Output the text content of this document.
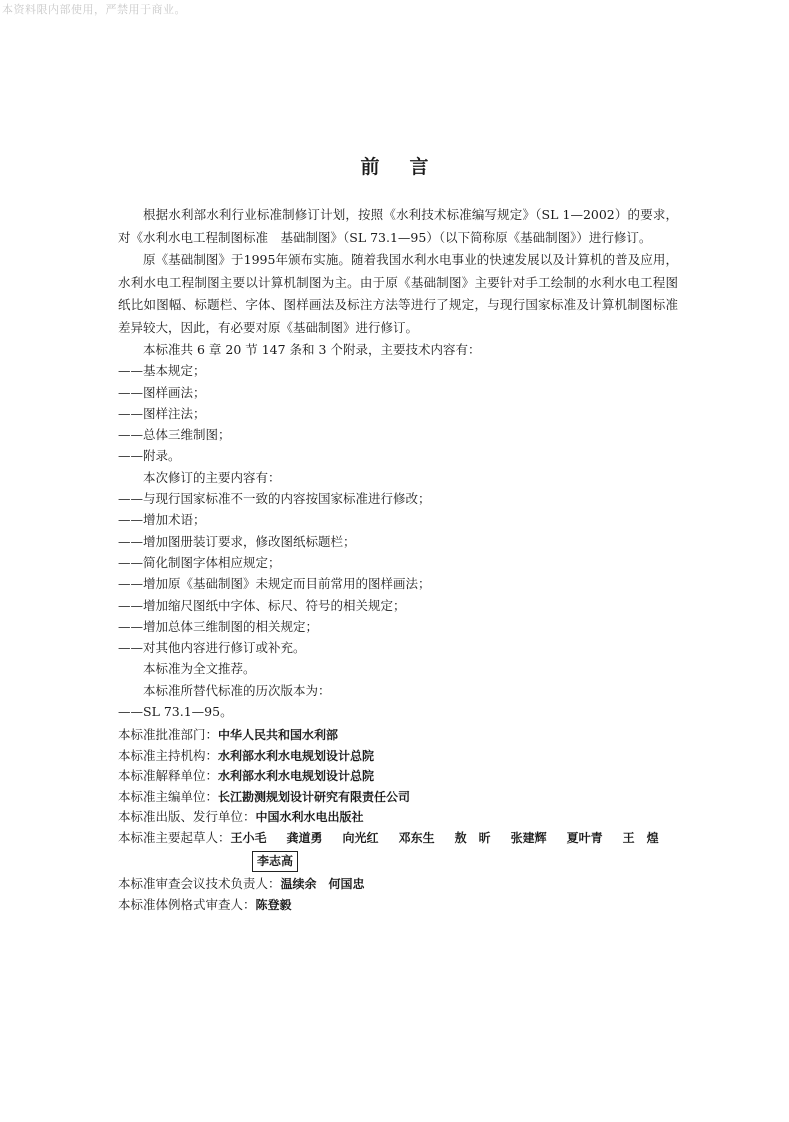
本资料限内部使用，严禁用于商业。
前言

根据水利部水利行业标准制修订计划，按照《水利技术标准编写规定》（SL 1—2002）的要求，对《水利水电工程制图标准　基础制图》（SL 73.1—95）（以下简称原《基础制图》）进行修订。

原《基础制图》于1995年颁布实施。随着我国水利水电事业的快速发展以及计算机的普及应用，水利水电工程制图主要以计算机制图为主。由于原《基础制图》主要针对手工绘制的水利水电工程图纸比如图幅、标题栏、字体、图样画法及标注方法等进行了规定，与现行国家标准及计算机制图标准差异较大，因此，有必要对原《基础制图》进行修订。

本标准共 6 章 20 节 147 条和 3 个附录，主要技术内容有：

——基本规定；

——图样画法；

——图样注法；

——总体三维制图；

——附录。

本次修订的主要内容有：

——与现行国家标准不一致的内容按国家标准进行修改；

——增加术语；

——增加图册装订要求，修改图纸标题栏；

——简化制图字体相应规定；

——增加原《基础制图》未规定而目前常用的图样画法；

——增加缩尺图纸中字体、标尺、符号的相关规定；

——增加总体三维制图的相关规定；

——对其他内容进行修订或补充。

本标准为全文推荐。

本标准所替代标准的历次版本为：

——SL 73.1—95。

本标准批准部门：中华人民共和国水利部

本标准主持机构：水利部水利水电规划设计总院

本标准解释单位：水利部水利水电规划设计总院

本标准主编单位：长江勘测规划设计研究有限责任公司

本标准出版、发行单位：中国水利水电出版社

本标准主要起草人：王小毛 龚道勇 向光红 邓东生 敖　昕 张建辉 夏叶青 王　煌

李志高

本标准审查会议技术负责人：温续余　何国忠

本标准体例格式审查人：陈登毅
